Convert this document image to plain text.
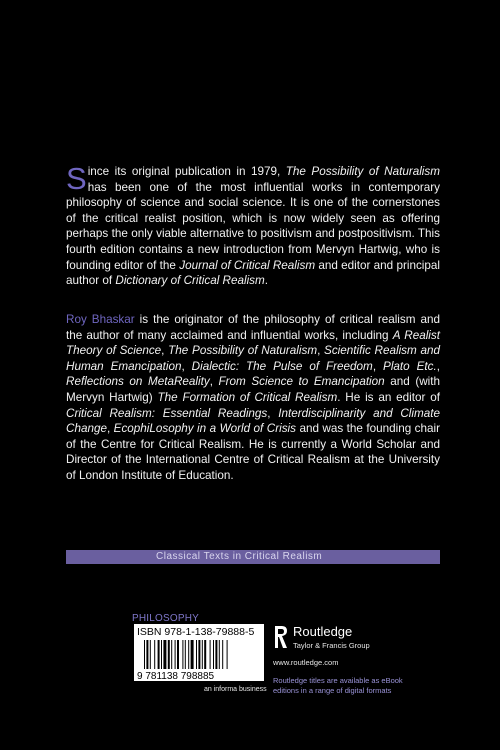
Since its original publication in 1979, The Possibility of Naturalism has been one of the most influential works in contemporary philosophy of science and social science. It is one of the cornerstones of the critical realist position, which is now widely seen as offering perhaps the only viable alternative to positivism and postpositivism. This fourth edition contains a new introduction from Mervyn Hartwig, who is founding editor of the Journal of Critical Realism and editor and principal author of Dictionary of Critical Realism.
Roy Bhaskar is the originator of the philosophy of critical realism and the author of many acclaimed and influential works, including A Realist Theory of Science, The Possibility of Naturalism, Scientific Realism and Human Emancipation, Dialectic: The Pulse of Freedom, Plato Etc., Reflections on MetaReality, From Science to Emancipation and (with Mervyn Hartwig) The Formation of Critical Realism. He is an editor of Critical Realism: Essential Readings, Interdisciplinarity and Climate Change, EcophiLosophy in a World of Crisis and was the founding chair of the Centre for Critical Realism. He is currently a World Scholar and Director of the International Centre of Critical Realism at the University of London Institute of Education.
Classical Texts in Critical Realism
PHILOSOPHY
ISBN 978-1-138-79888-5
9 781138 798885
an informa business
Routledge
Taylor & Francis Group
www.routledge.com
Routledge titles are available as eBook editions in a range of digital formats
